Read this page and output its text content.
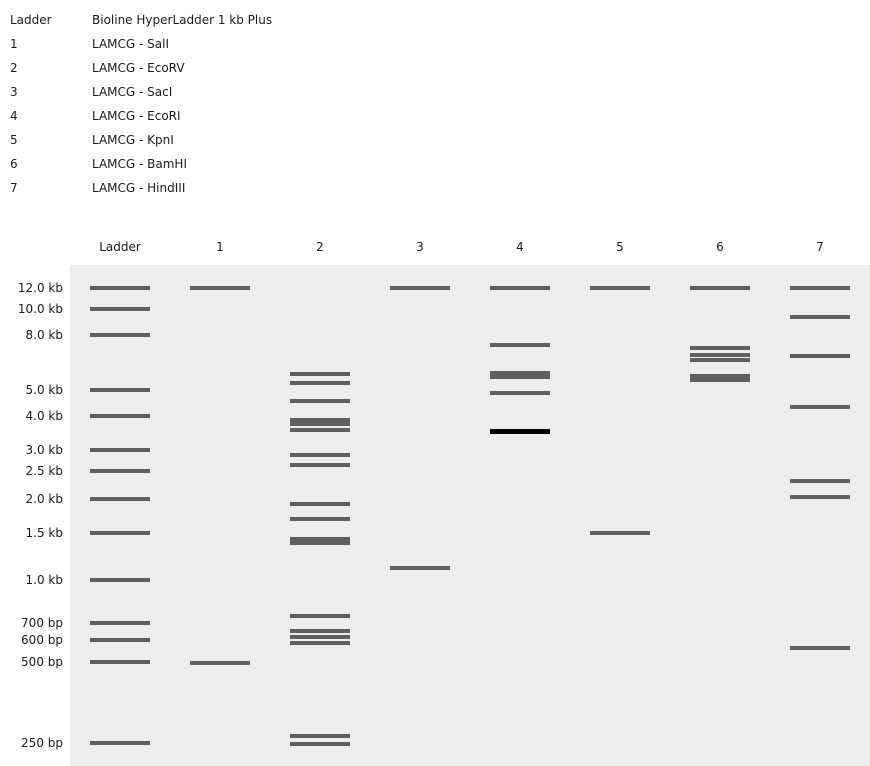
Ladder	Bioline HyperLadder 1 kb Plus
1	LAMCG - SalI
2	LAMCG - EcoRV
3	LAMCG - SacI
4	LAMCG - EcoRI
5	LAMCG - KpnI
6	LAMCG - BamHI
7	LAMCG - HindIII
Ladder	1	2	3	4	5	6	7
12.0 kb
10.0 kb
8.0 kb
5.0 kb
4.0 kb
3.0 kb
2.5 kb
2.0 kb
1.5 kb
1.0 kb
700 bp
600 bp
500 bp
250 bp
